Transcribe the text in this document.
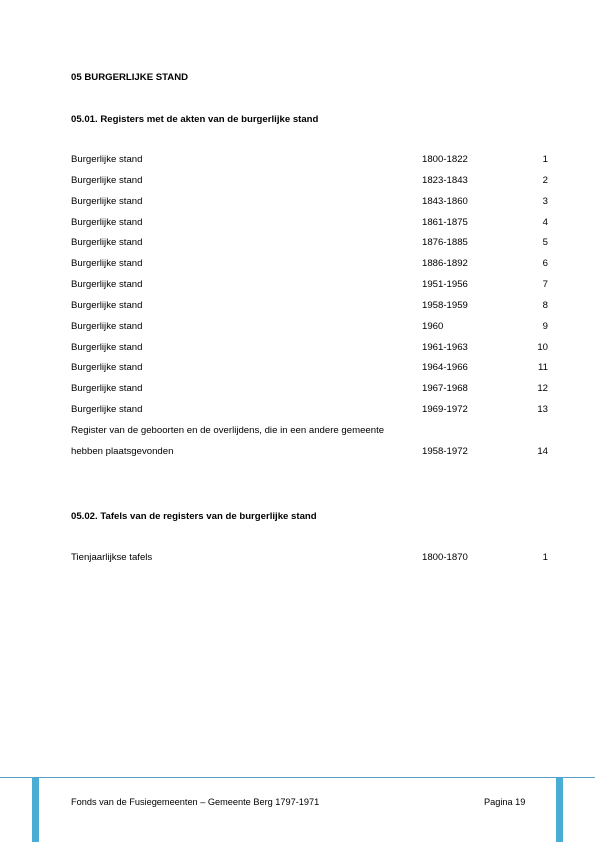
05 BURGERLIJKE STAND
05.01. Registers met de akten van de burgerlijke stand
Burgerlijke stand	1800-1822	1
Burgerlijke stand	1823-1843	2
Burgerlijke stand	1843-1860	3
Burgerlijke stand	1861-1875	4
Burgerlijke stand	1876-1885	5
Burgerlijke stand	1886-1892	6
Burgerlijke stand	1951-1956	7
Burgerlijke stand	1958-1959	8
Burgerlijke stand	1960	9
Burgerlijke stand	1961-1963	10
Burgerlijke stand	1964-1966	11
Burgerlijke stand	1967-1968	12
Burgerlijke stand	1969-1972	13
Register van de geboorten en de overlijdens, die in een andere gemeente
hebben plaatsgevonden	1958-1972	14
05.02. Tafels van de registers van de burgerlijke stand
Tienjaarlijkse tafels	1800-1870	1
Fonds van de Fusiegemeenten – Gemeente Berg 1797-1971	Pagina 19
